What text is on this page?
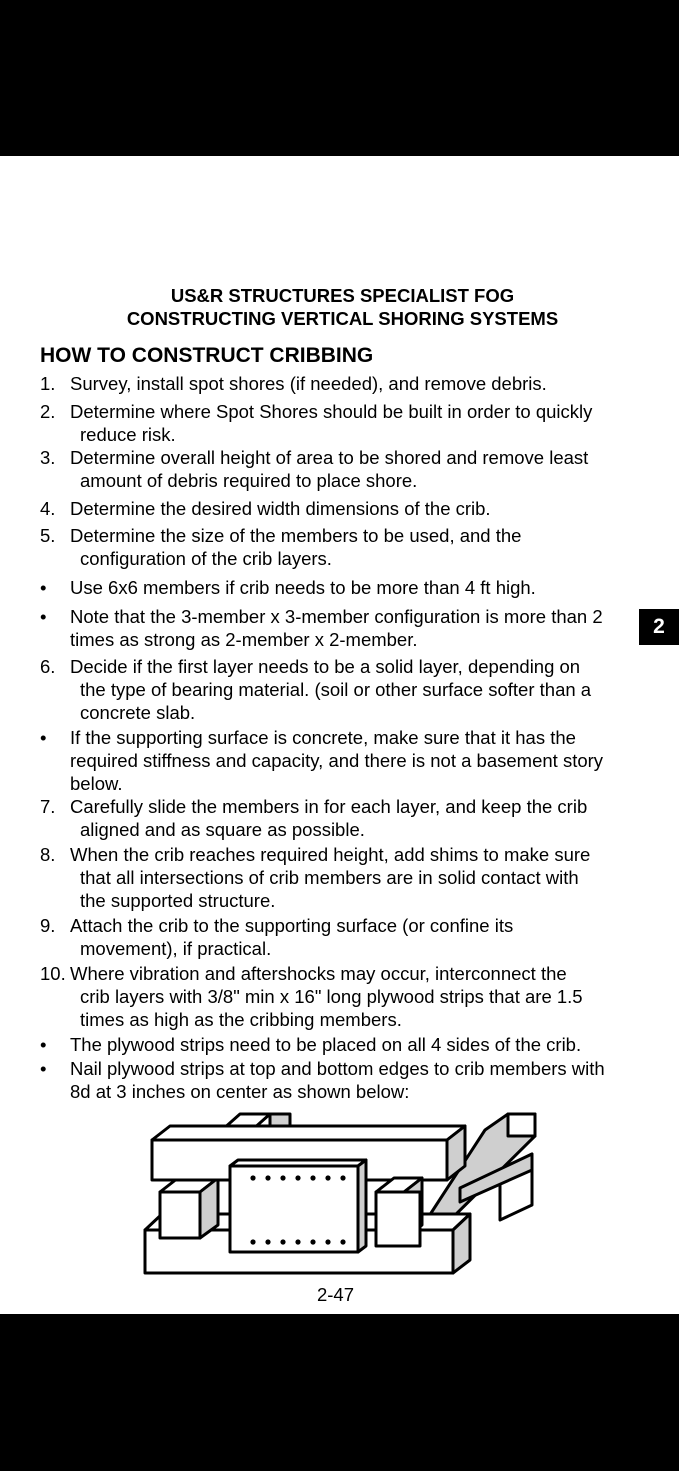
US&R STRUCTURES SPECIALIST FOG
CONSTRUCTING VERTICAL SHORING SYSTEMS
HOW TO CONSTRUCT CRIBBING
1. Survey, install spot shores (if needed), and remove debris.
2. Determine where Spot Shores should be built in order to quickly
reduce risk.
3. Determine overall height of area to be shored and remove least
amount of debris required to place shore.
4. Determine the desired width dimensions of the crib.
5. Determine the size of the members to be used, and the
configuration of the crib layers.
•	Use 6x6 members if crib needs to be more than 4 ft high.
•	Note that the 3-member x 3-member configuration is more than 2 times as strong as 2-member x 2-member.
6. Decide if the first layer needs to be a solid layer, depending on
the type of bearing material. (soil or other surface softer than a
concrete slab.
•	If the supporting surface is concrete, make sure that it has the required stiffness and capacity, and there is not a basement story below.
7. Carefully slide the members in for each layer, and keep the crib
aligned and as square as possible.
8. When the crib reaches required height, add shims to make sure
that all intersections of crib members are in solid contact with
the supported structure.
9. Attach the crib to the supporting surface (or confine its
movement), if practical.
10. Where vibration and aftershocks may occur, interconnect the
crib layers with 3/8" min x 16" long plywood strips that are 1.5
times as high as the cribbing members.
•	The plywood strips need to be placed on all 4 sides of the crib.
•	Nail plywood strips at top and bottom edges to crib members with 8d at 3 inches on center as shown below:
2
2-47
